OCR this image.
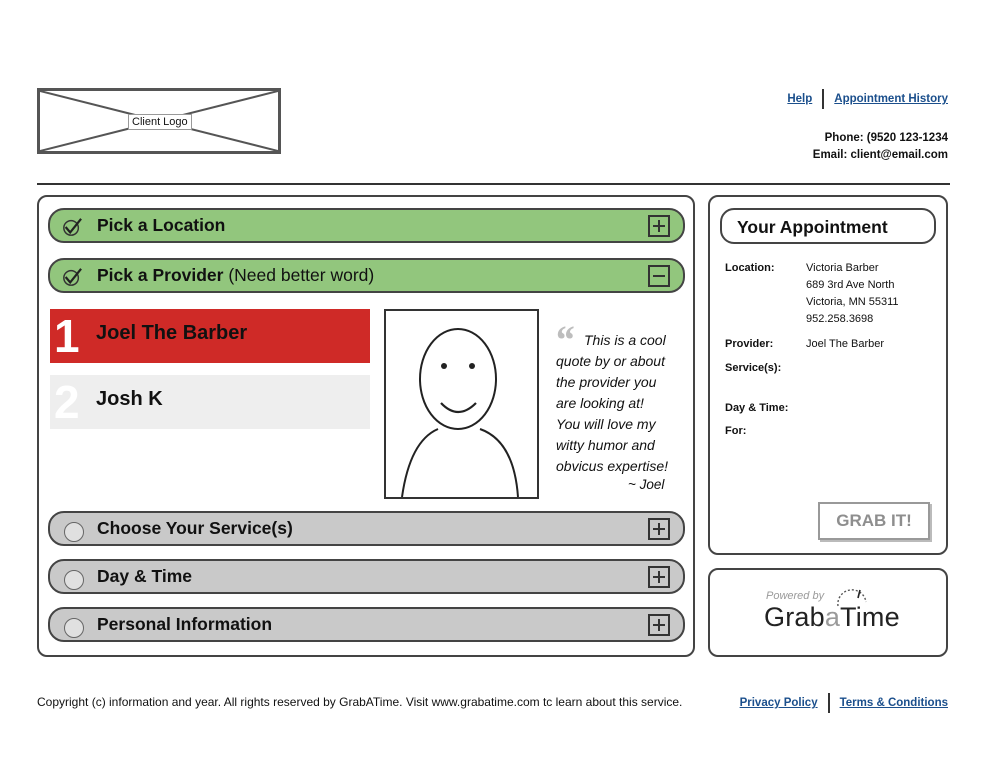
Client Logo
Help Appointment History
Phone: (9520 123-1234
Email: client@email.com
Pick a Location
Pick a Provider (Need better word)
1 Joel The Barber
2 Josh K
“ This is a cool
quote by or about
the provider you
are looking at!
You will love my
witty humor and
obvicus expertise!
~ Joel
Choose Your Service(s)
Day & Time
Personal Information
Your Appointment
Location:	Victoria Barber
689 3rd Ave North
Victoria, MN 55311
952.258.3698
Provider:	Joel The Barber
Service(s):
Day & Time:
For:
GRAB IT!
Powered by
GrabaTime
Copyright (c) information and year. All rights reserved by GrabATime. Visit www.grabatime.com tc learn about this service.	Privacy Policy Terms & Conditions
